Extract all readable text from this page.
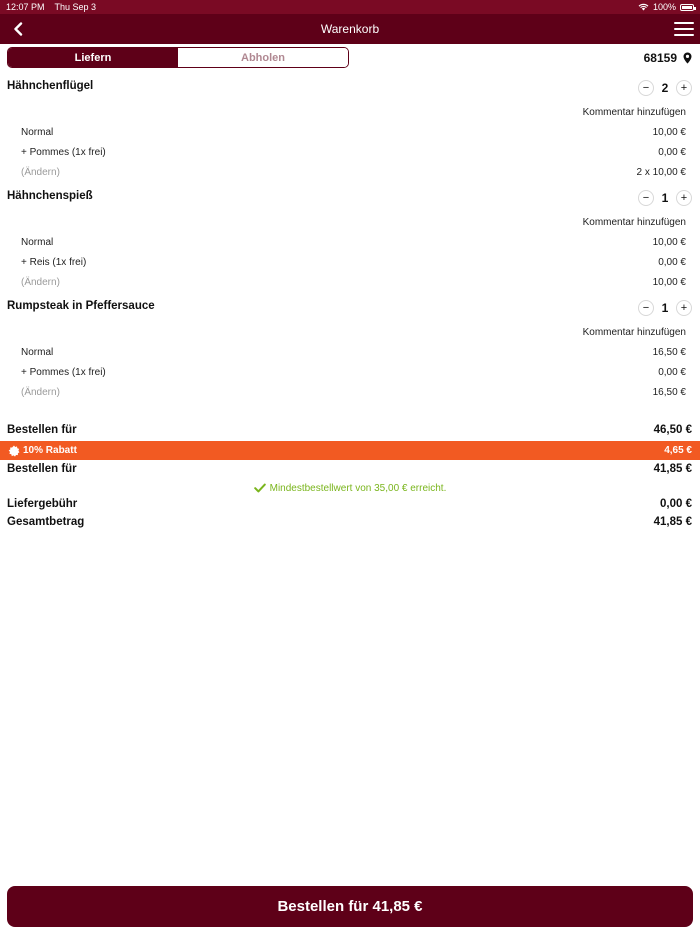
12:07 PM Thu Sep 3	100%
Warenkorb
Liefern	Abholen	68159
Hähnchenflügel	−	2	+
Kommentar hinzufügen
Normal	10,00 €
+ Pommes (1x frei)	0,00 €
(Ändern)	2 x 10,00 €
Hähnchenspieß	−	1	+
Kommentar hinzufügen
Normal	10,00 €
+ Reis (1x frei)	0,00 €
(Ändern)	10,00 €
Rumpsteak in Pfeffersauce	−	1	+
Kommentar hinzufügen
Normal	16,50 €
+ Pommes (1x frei)	0,00 €
(Ändern)	16,50 €
Bestellen für	46,50 €
10% Rabatt	4,65 €
Bestellen für	41,85 €
Mindestbestellwert von 35,00 € erreicht.
Liefergebühr	0,00 €
Gesamtbetrag	41,85 €
Bestellen für 41,85 €
